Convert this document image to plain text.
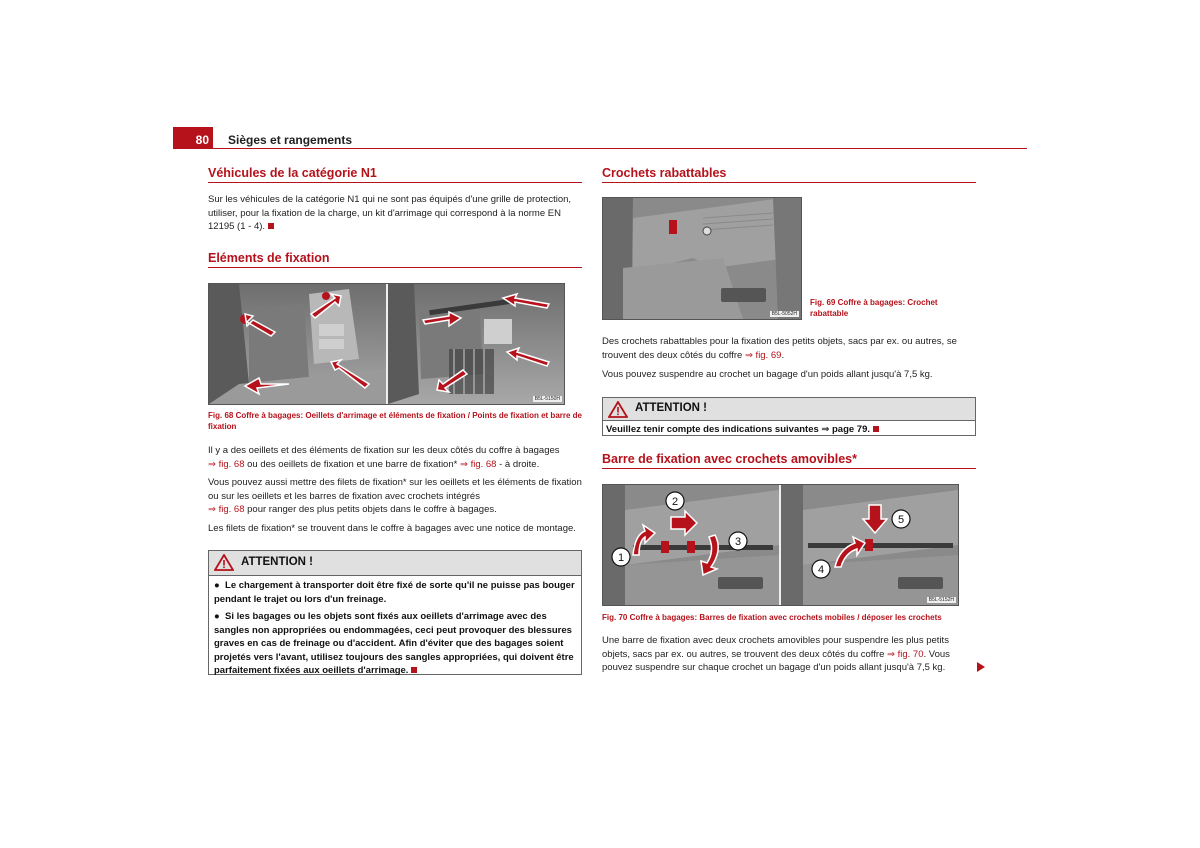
80	Sièges et rangements
Véhicules de la catégorie N1
Sur les véhicules de la catégorie N1 qui ne sont pas équipés d'une grille de protection, utiliser, pour la fixation de la charge, un kit d'arrimage qui correspond à la norme EN 12195 (1 - 4).
Eléments de fixation
B5L-5150H
Fig. 68 Coffre à bagages: Oeillets d'arrimage et éléments de fixation / Points de fixation et barre de fixation
Il y a des oeillets et des éléments de fixation sur les deux côtés du coffre à bagages
⇒ fig. 68 ou des oeillets de fixation et une barre de fixation* ⇒ fig. 68 - à droite.
Vous pouvez aussi mettre des filets de fixation* sur les oeillets et les éléments de fixation ou sur les oeillets et les barres de fixation avec crochets intégrés
⇒ fig. 68 pour ranger des plus petits objets dans le coffre à bagages.
Les filets de fixation* se trouvent dans le coffre à bagages avec une notice de montage.
ATTENTION !
●  Le chargement à transporter doit être fixé de sorte qu'il ne puisse pas bouger pendant le trajet ou lors d'un freinage.
●  Si les bagages ou les objets sont fixés aux oeillets d'arrimage avec des sangles non appropriées ou endommagées, ceci peut provoquer des blessures graves en cas de freinage ou d'accident. Afin d'éviter que des bagages soient projetés vers l'avant, utilisez toujours des sangles appropriées, qui doivent être parfaitement fixées aux oeillets d'arrimage.
Crochets rabattables
B5L-5052H
Fig. 69 Coffre à bagages: Crochet rabattable
Des crochets rabattables pour la fixation des petits objets, sacs par ex. ou autres, se trouvent des deux côtés du coffre ⇒ fig. 69.
Vous pouvez suspendre au crochet un bagage d'un poids allant jusqu'à 7,5 kg.
ATTENTION !
Veuillez tenir compte des indications suivantes ⇒ page 79.
Barre de fixation avec crochets amovibles*
1
2
3
4
5
B5L-5152H
Fig. 70 Coffre à bagages: Barres de fixation avec crochets mobiles / déposer les crochets
Une barre de fixation avec deux crochets amovibles pour suspendre les plus petits objets, sacs par ex. ou autres, se trouvent des deux côtés du coffre ⇒ fig. 70. Vous pouvez suspendre sur chaque crochet un bagage d'un poids allant jusqu'à 7,5 kg.
